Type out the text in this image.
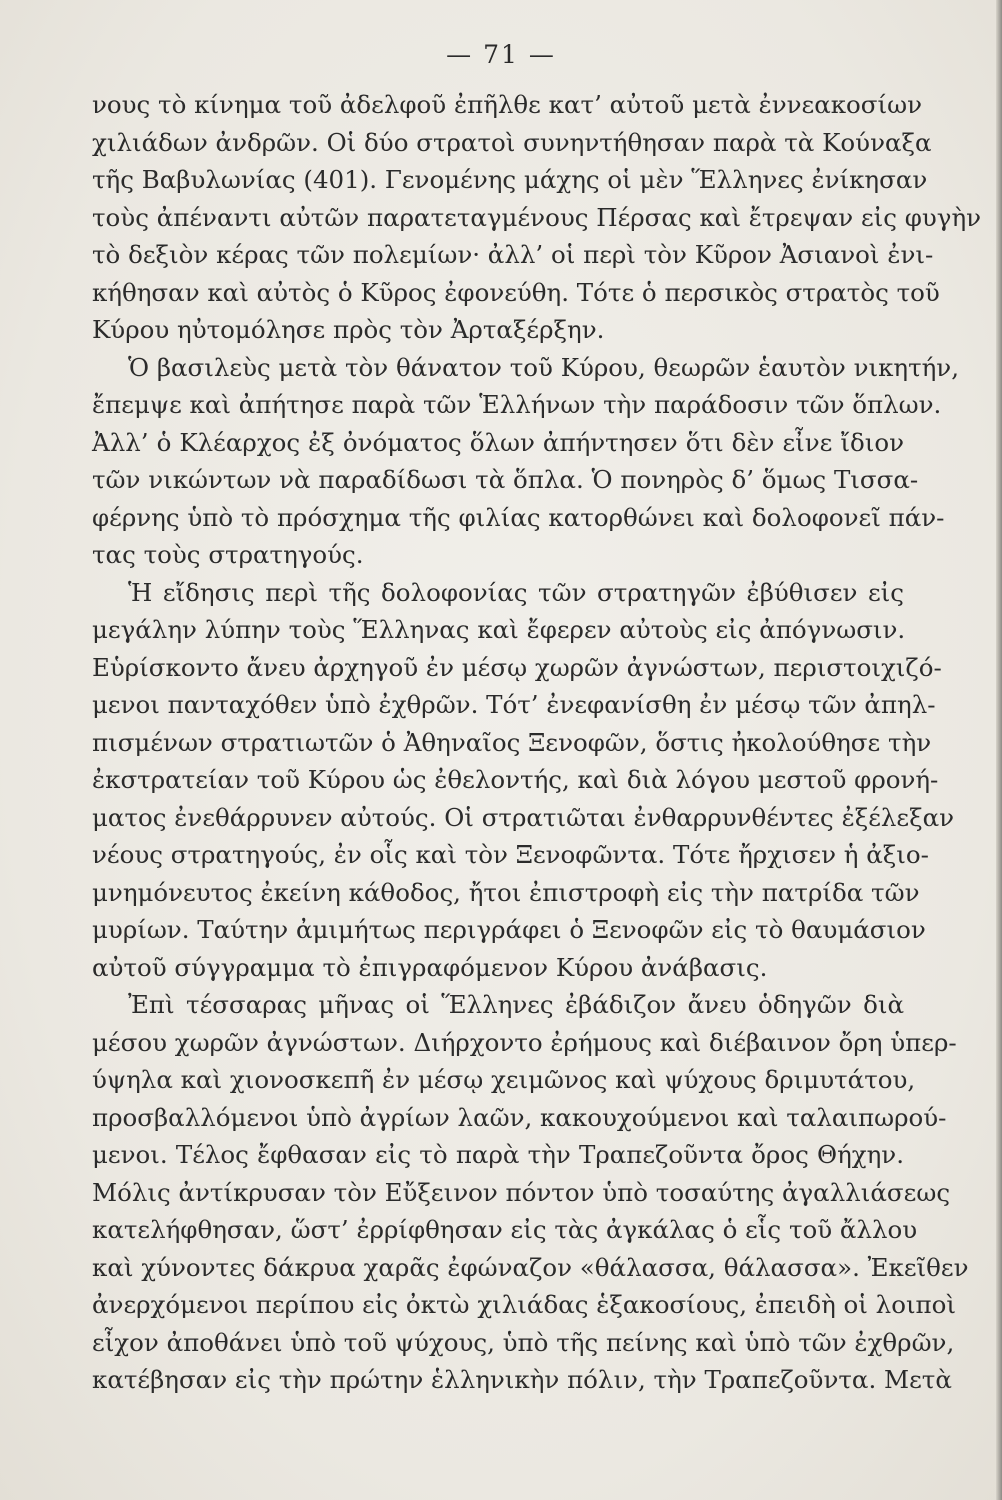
— 71 —
νους τὸ κίνημα τοῦ ἀδελφοῦ ἐπῆλθε κατ’ αὐτοῦ μετὰ ἐννεακοσίων
χιλιάδων ἀνδρῶν. Οἱ δύο στρατοὶ συνηντήθησαν παρὰ τὰ Κούναξα
τῆς Βαβυλωνίας (401). Γενομένης μάχης οἱ μὲν Ἕλληνες ἐνίκησαν
τοὺς ἀπέναντι αὐτῶν παρατεταγμένους Πέρσας καὶ ἔτρεψαν εἰς φυγὴν
τὸ δεξιὸν κέρας τῶν πολεμίων· ἀλλ’ οἱ περὶ τὸν Κῦρον Ἀσιανοὶ ἐνι-
κήθησαν καὶ αὐτὸς ὁ Κῦρος ἐφονεύθη. Τότε ὁ περσικὸς στρατὸς τοῦ
Κύρου ηὐτομόλησε πρὸς τὸν Ἀρταξέρξην.
Ὁ βασιλεὺς μετὰ τὸν θάνατον τοῦ Κύρου, θεωρῶν ἑαυτὸν νικητήν,
ἔπεμψε καὶ ἀπήτησε παρὰ τῶν Ἑλλήνων τὴν παράδοσιν τῶν ὅπλων.
Ἀλλ’ ὁ Κλέαρχος ἐξ ὀνόματος ὅλων ἀπήντησεν ὅτι δὲν εἶνε ἴδιον
τῶν νικώντων νὰ παραδίδωσι τὰ ὅπλα. Ὁ πονηρὸς δ’ ὅμως Τισσα-
φέρνης ὑπὸ τὸ πρόσχημα τῆς φιλίας κατορθώνει καὶ δολοφονεῖ πάν-
τας τοὺς στρατηγούς.
Ἡ εἴδησις περὶ τῆς δολοφονίας τῶν στρατηγῶν ἐβύθισεν εἰς
μεγάλην λύπην τοὺς Ἕλληνας καὶ ἔφερεν αὐτοὺς εἰς ἀπόγνωσιν.
Εὑρίσκοντο ἄνευ ἀρχηγοῦ ἐν μέσῳ χωρῶν ἀγνώστων, περιστοιχιζό-
μενοι πανταχόθεν ὑπὸ ἐχθρῶν. Τότ’ ἐνεφανίσθη ἐν μέσῳ τῶν ἀπηλ-
πισμένων στρατιωτῶν ὁ Ἀθηναῖος Ξενοφῶν, ὅστις ἠκολούθησε τὴν
ἐκστρατείαν τοῦ Κύρου ὡς ἐθελοντής, καὶ διὰ λόγου μεστοῦ φρονή-
ματος ἐνεθάρρυνεν αὐτούς. Οἱ στρατιῶται ἐνθαρρυνθέντες ἐξέλεξαν
νέους στρατηγούς, ἐν οἷς καὶ τὸν Ξενοφῶντα. Τότε ἤρχισεν ἡ ἀξιο-
μνημόνευτος ἐκείνη κάθοδος, ἤτοι ἐπιστροφὴ εἰς τὴν πατρίδα τῶν
μυρίων. Ταύτην ἀμιμήτως περιγράφει ὁ Ξενοφῶν εἰς τὸ θαυμάσιον
αὐτοῦ σύγγραμμα τὸ ἐπιγραφόμενον Κύρου ἀνάβασις.
Ἐπὶ τέσσαρας μῆνας οἱ Ἕλληνες ἐβάδιζον ἄνευ ὁδηγῶν διὰ
μέσου χωρῶν ἀγνώστων. Διήρχοντο ἐρήμους καὶ διέβαινον ὄρη ὑπερ-
ύψηλα καὶ χιονοσκεπῆ ἐν μέσῳ χειμῶνος καὶ ψύχους δριμυτάτου,
προσβαλλόμενοι ὑπὸ ἀγρίων λαῶν, κακουχούμενοι καὶ ταλαιπωρού-
μενοι. Τέλος ἔφθασαν εἰς τὸ παρὰ τὴν Τραπεζοῦντα ὄρος Θήχην.
Μόλις ἀντίκρυσαν τὸν Εὔξεινον πόντον ὑπὸ τοσαύτης ἀγαλλιάσεως
κατελήφθησαν, ὥστ’ ἐρρίφθησαν εἰς τὰς ἀγκάλας ὁ εἷς τοῦ ἄλλου
καὶ χύνοντες δάκρυα χαρᾶς ἐφώναζον «θάλασσα, θάλασσα». Ἐκεῖθεν
ἀνερχόμενοι περίπου εἰς ὀκτὼ χιλιάδας ἑξακοσίους, ἐπειδὴ οἱ λοιποὶ
εἶχον ἀποθάνει ὑπὸ τοῦ ψύχους, ὑπὸ τῆς πείνης καὶ ὑπὸ τῶν ἐχθρῶν,
κατέβησαν εἰς τὴν πρώτην ἑλληνικὴν πόλιν, τὴν Τραπεζοῦντα. Μετὰ
